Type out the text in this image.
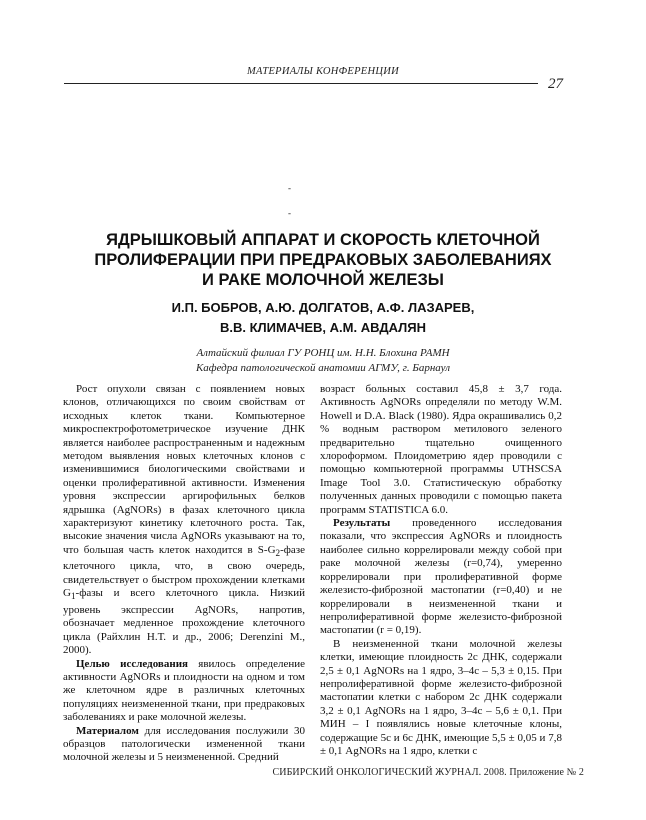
МАТЕРИАЛЫ КОНФЕРЕНЦИИ
27
-
-
ЯДРЫШКОВЫЙ АППАРАТ И СКОРОСТЬ КЛЕТОЧНОЙ
ПРОЛИФЕРАЦИИ ПРИ ПРЕДРАКОВЫХ ЗАБОЛЕВАНИЯХ
И РАКЕ МОЛОЧНОЙ ЖЕЛЕЗЫ
И.П. БОБРОВ, А.Ю. ДОЛГАТОВ, А.Ф. ЛАЗАРЕВ,
В.В. КЛИМАЧЕВ, А.М. АВДАЛЯН
Алтайский филиал ГУ РОНЦ им. Н.Н. Блохина РАМН
Кафедра патологической анатомии АГМУ, г. Барнаул

Рост опухоли связан с появлением новых клонов, отличающихся по своим свойствам от исходных клеток ткани. Компьютерное микроспектрофотометрическое изучение ДНК является наиболее распространенным и надежным методом выявления новых клеточных клонов с изменившимися биологическими свойствами и оценки пролиферативной активности. Изменения уровня экспрессии аргирофильных белков ядрышка (AgNORs) в фазах клеточного цикла характеризуют кинетику клеточного роста. Так, высокие значения числа AgNORs указывают на то, что большая часть клеток находится в $S-G_2$-фазе клеточного цикла, что, в свою очередь, свидетельствует о быстром прохождении клетками $G_1$-фазы и всего клеточного цикла. Низкий уровень экспрессии AgNORs, напротив, обозначает медленное прохождение клеточного цикла (Райхлин Н.Т. и др., 2006; Derenzini M., 2000).

Целью исследования явилось определение активности AgNORs и плоидности на одном и том же клеточном ядре в различных клеточных популяциях неизмененной ткани, при предраковых заболеваниях и раке молочной железы.

Материалом для исследования послужили 30 образцов патологически измененной ткани молочной железы и 5 неизмененной. Средний

возраст больных составил 45,8 ± 3,7 года. Активность AgNORs определяли по методу W.M. Howell и D.A. Black (1980). Ядра окрашивались 0,2 % водным раствором метилового зеленого предварительно тщательно очищенного хлороформом. Плоидометрию ядер проводили с помощью компьютерной программы UTHSCSA Image Tool 3.0. Статистическую обработку полученных данных проводили с помощью пакета программ STATISTICA 6.0.

Результаты проведенного исследования показали, что экспрессия AgNORs и плоидность наиболее сильно коррелировали между собой при раке молочной железы (r=0,74), умеренно коррелировали при пролиферативной форме железисто-фиброзной мастопатии (r=0,40) и не коррелировали в неизмененной ткани и непролиферативной форме железисто-фиброзной мастопатии (r = 0,19).

В неизмененной ткани молочной железы клетки, имеющие плоидность 2с ДНК, содержали 2,5 ± 0,1 AgNORs на 1 ядро, 3–4с – 5,3 ± 0,15. При непролиферативной форме железисто-фиброзной мастопатии клетки с набором 2с ДНК содержали 3,2 ± 0,1 AgNORs на 1 ядро, 3–4с – 5,6 ± 0,1. При МИН – I появлялись новые клеточные клоны, содержащие 5с и 6с ДНК, имеющие 5,5 ± 0,05 и 7,8 ± 0,1 AgNORs на 1 ядро, клетки с

СИБИРСКИЙ ОНКОЛОГИЧЕСКИЙ ЖУРНАЛ. 2008. Приложение № 2
